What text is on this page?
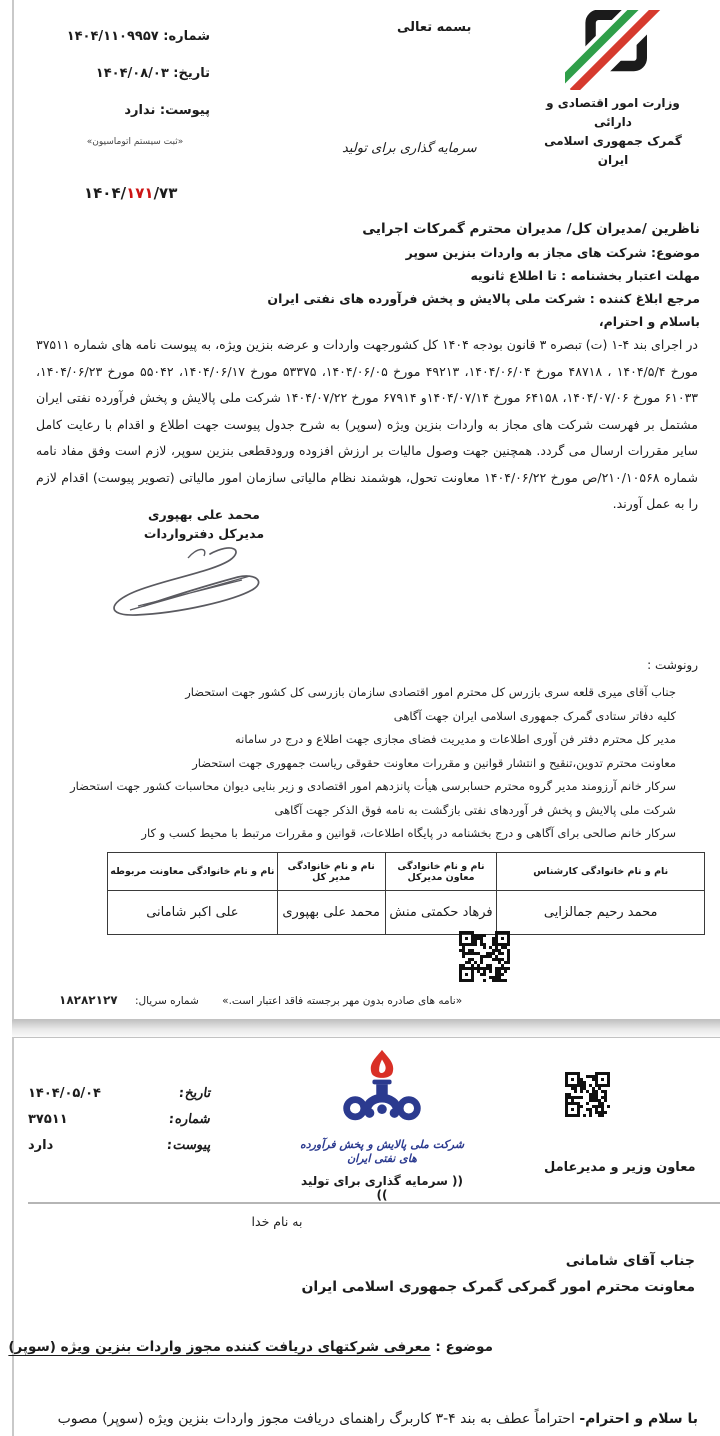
وزارت امور اقتصادی و دارائی
گمرک جمهوری اسلامی ایران
بسمه تعالی
شماره: ۱۴۰۴/۱۱۰۹۹۵۷
تاریخ: ۱۴۰۴/۰۸/۰۳
پیوست: ندارد
«ثبت سیستم اتوماسیون»	سرمایه گذاری برای تولید
۱۴۰۴/۱۷۱/۷۳
ناظرین /مدیران کل/ مدیران محترم گمرکات اجرایی
موضوع: شرکت های مجاز به واردات بنزین سوپر
مهلت اعتبار بخشنامه : تا اطلاع ثانویه
مرجع ابلاغ کننده : شرکت ملی پالایش و پخش فرآورده های نفتی ایران
باسلام و احترام،
در اجرای بند ۴-۱ (ت) تبصره ۳ قانون بودجه ۱۴۰۴ کل کشورجهت واردات و عرضه بنزین ویژه، به پیوست نامه های شماره ۳۷۵۱۱ مورخ ۱۴۰۴/۵/۴ ، ۴۸۷۱۸ مورخ ۱۴۰۴/۰۶/۰۴، ۴۹۲۱۳ مورخ ۱۴۰۴/۰۶/۰۵، ۵۳۳۷۵ مورخ ۱۴۰۴/۰۶/۱۷، ۵۵۰۴۲ مورخ ۱۴۰۴/۰۶/۲۳، ۶۱۰۳۳ مورخ ۱۴۰۴/۰۷/۰۶، ۶۴۱۵۸ مورخ ۱۴۰۴/۰۷/۱۴و ۶۷۹۱۴ مورخ ۱۴۰۴/۰۷/۲۲ شرکت ملی پالایش و پخش فرآورده نفتی ایران مشتمل بر فهرست شرکت های مجاز به واردات بنزین ویژه (سوپر) به شرح جدول پیوست جهت اطلاع و اقدام با رعایت کامل سایر مقررات ارسال می گردد. همچنین جهت وصول مالیات بر ارزش افزوده ورودقطعی بنزین سوپر، لازم است وفق مفاد نامه شماره ۲۱۰/۱۰۵۶۸/ص مورخ ۱۴۰۴/۰۶/۲۲ معاونت تحول، هوشمند نظام مالیاتی سازمان امور مالیاتی (تصویر پیوست) اقدام لازم را به عمل آورند.
محمد علی بهپوری
مدیرکل دفترواردات
رونوشت :
جناب آقای میری قلعه سری بازرس کل محترم امور اقتصادی سازمان بازرسی کل کشور جهت استحضار
کلیه دفاتر ستادی گمرک جمهوری اسلامی ایران جهت آگاهی
مدیر کل محترم دفتر فن آوری اطلاعات و مدیریت فضای مجازی جهت اطلاع و درج در سامانه
معاونت محترم تدوین،تنقیح و انتشار قوانین و مقررات معاونت حقوقی ریاست جمهوری جهت استحضار
سرکار خانم آرزومند مدیر گروه محترم حسابرسی هیأت پانزدهم امور اقتصادی و زیر بنایی دیوان محاسبات کشور جهت استحضار
شرکت ملی پالایش و پخش فر آوردهای نفتی بازگشت به نامه فوق الذکر جهت آگاهی
سرکار خانم صالحی برای آگاهی و درج بخشنامه در پایگاه اطلاعات، قوانین و مقررات مرتبط با محیط کسب و کار
نام و نام خانوادگی کارشناس	نام و نام خانوادگی معاون مدیرکل	نام و نام خانوادگی مدیر کل	نام و نام خانوادگی معاونت مربوطه
محمد رحیم جمالزایی	فرهاد حکمتی منش	محمد علی بهپوری	علی اکبر شامانی
«نامه های صادره بدون مهر برجسته فاقد اعتبار است.» شماره سریال: ۱۸۲۸۲۱۲۷
معاون وزیر و مدیرعامل
تاریخ:
۱۴۰۴/۰۵/۰۴
شماره:
۳۷۵۱۱
پیوست:
دارد	شرکت ملی پالایش و پخش فرآورده های نفتی ایران
(( سرمایه گذاری برای تولید ))
به نام خدا
جناب آقای شامانی
معاونت محترم امور گمرکی گمرک جمهوری اسلامی ایران
موضوع : معرفی شرکتهای دریافت کننده مجوز واردات بنزین ویژه (سوپر)
با سلام و احترام- احتراماً عطف به بند ۴-۳ کاربرگ راهنمای دریافت مجوز واردات بنزین ویژه (سوپر) مصوب
